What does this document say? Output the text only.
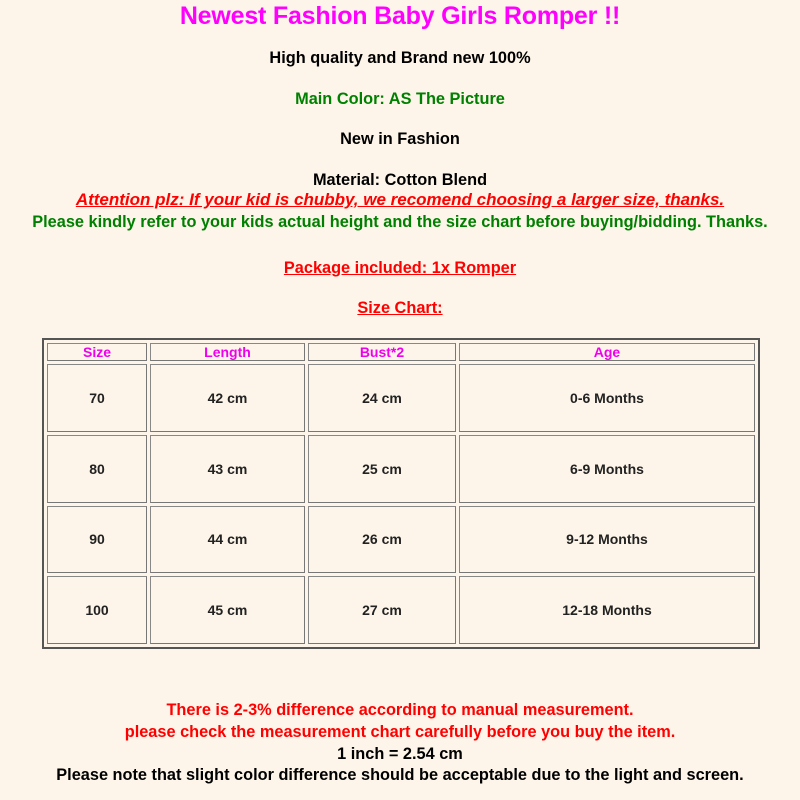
Newest Fashion Baby Girls Romper !!
High quality and Brand new 100%
Main Color: AS The Picture
New in Fashion
Material: Cotton Blend
Attention plz: If your kid is chubby, we recomend choosing a larger size, thanks.
Please kindly refer to your kids actual height and the size chart before buying/bidding. Thanks.
Package included: 1x Romper
Size Chart:
Size	Length	Bust*2	Age
70	42 cm	24 cm	0-6 Months
80	43 cm	25 cm	6-9 Months
90	44 cm	26 cm	9-12 Months
100	45 cm	27 cm	12-18 Months
There is 2-3% difference according to manual measurement.
please check the measurement chart carefully before you buy the item.
1 inch = 2.54 cm
Please note that slight color difference should be acceptable due to the light and screen.
